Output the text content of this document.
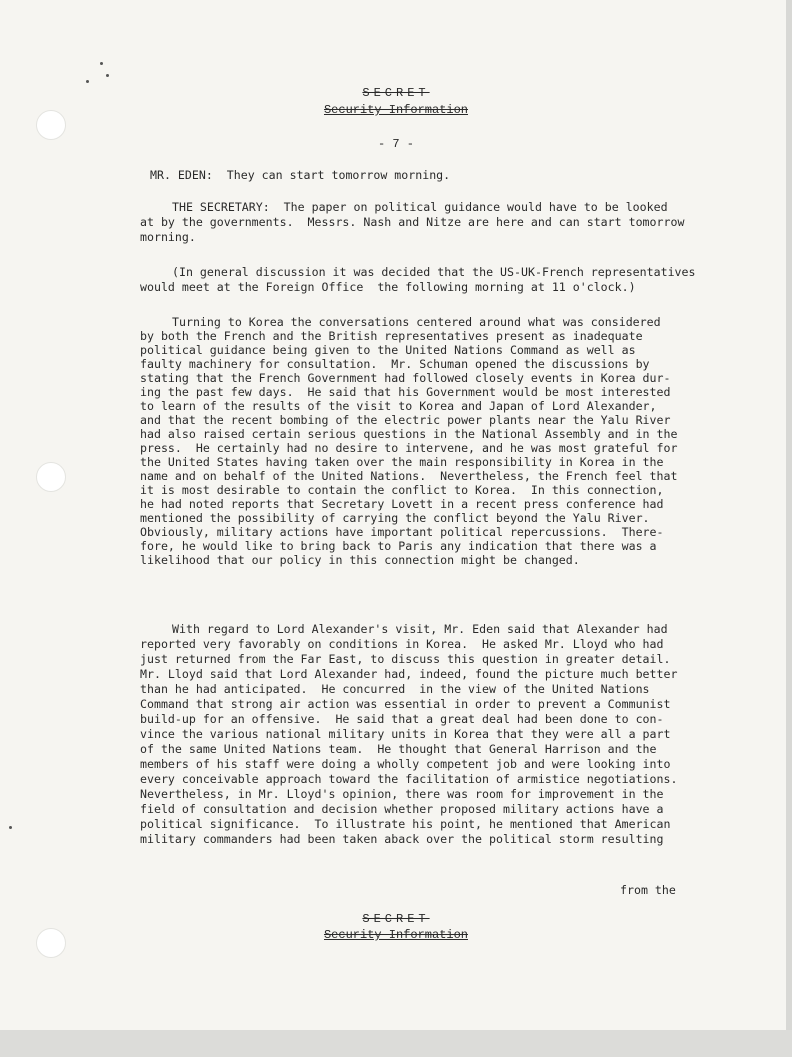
SECRET
Security Information
- 7 -
MR. EDEN:  They can start tomorrow morning.
THE SECRETARY:  The paper on political guidance would have to be looked
at by the governments.  Messrs. Nash and Nitze are here and can start tomorrow
morning.
(In general discussion it was decided that the US-UK-French representatives
would meet at the Foreign Office  the following morning at 11 o'clock.)
Turning to Korea the conversations centered around what was considered
by both the French and the British representatives present as inadequate
political guidance being given to the United Nations Command as well as
faulty machinery for consultation.  Mr. Schuman opened the discussions by
stating that the French Government had followed closely events in Korea dur-
ing the past few days.  He said that his Government would be most interested
to learn of the results of the visit to Korea and Japan of Lord Alexander,
and that the recent bombing of the electric power plants near the Yalu River
had also raised certain serious questions in the National Assembly and in the
press.  He certainly had no desire to intervene, and he was most grateful for
the United States having taken over the main responsibility in Korea in the
name and on behalf of the United Nations.  Nevertheless, the French feel that
it is most desirable to contain the conflict to Korea.  In this connection,
he had noted reports that Secretary Lovett in a recent press conference had
mentioned the possibility of carrying the conflict beyond the Yalu River.
Obviously, military actions have important political repercussions.  There-
fore, he would like to bring back to Paris any indication that there was a
likelihood that our policy in this connection might be changed.
With regard to Lord Alexander's visit, Mr. Eden said that Alexander had
reported very favorably on conditions in Korea.  He asked Mr. Lloyd who had
just returned from the Far East, to discuss this question in greater detail.
Mr. Lloyd said that Lord Alexander had, indeed, found the picture much better
than he had anticipated.  He concurred  in the view of the United Nations
Command that strong air action was essential in order to prevent a Communist
build-up for an offensive.  He said that a great deal had been done to con-
vince the various national military units in Korea that they were all a part
of the same United Nations team.  He thought that General Harrison and the
members of his staff were doing a wholly competent job and were looking into
every conceivable approach toward the facilitation of armistice negotiations.
Nevertheless, in Mr. Lloyd's opinion, there was room for improvement in the
field of consultation and decision whether proposed military actions have a
political significance.  To illustrate his point, he mentioned that American
military commanders had been taken aback over the political storm resulting
from the
SECRET
Security Information
